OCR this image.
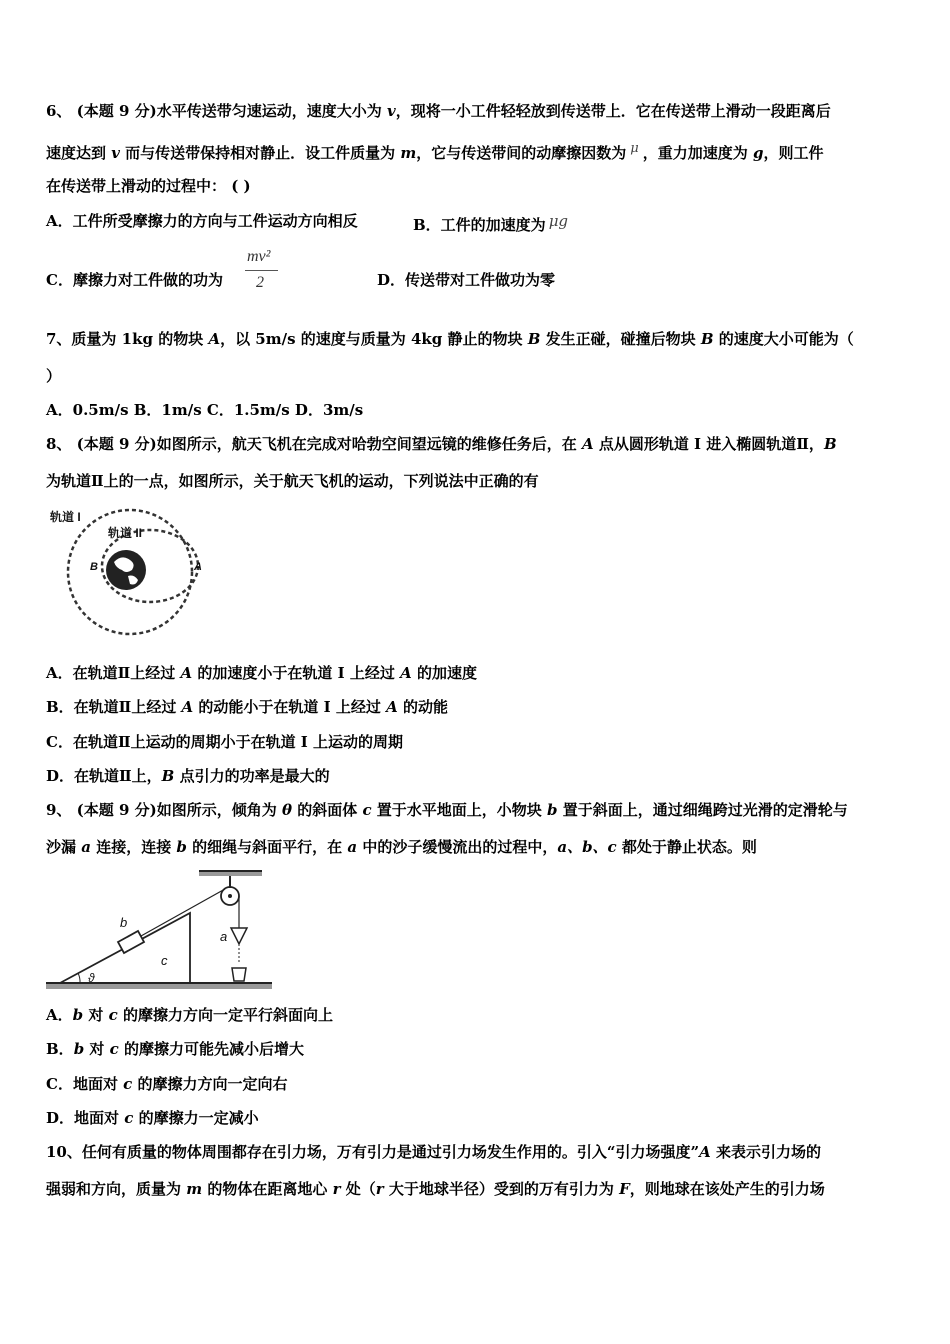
6、 (本题 9 分)水平传送带匀速运动，速度大小为 v，现将一小工件轻轻放到传送带上．它在传送带上滑动一段距离后
速度达到 v 而与传送带保持相对静止．设工件质量为 m，它与传送带间的动摩擦因数为 μ ，重力加速度为 g，则工件
在传送带上滑动的过程中： ( )
A．工件所受摩擦力的方向与工件运动方向相反	B．工件的加速度为 μg
C．摩擦力对工件做的功为
mv²
2	D．传送带对工件做功为零
7、质量为 1kg 的物块 A，以 5m/s 的速度与质量为 4kg 静止的物块 B 发生正碰，碰撞后物块 B 的速度大小可能为（
）
A．0.5m/s B．1m/s C．1.5m/s D．3m/s
8、 (本题 9 分)如图所示，航天飞机在完成对哈勃空间望远镜的维修任务后，在 A 点从圆形轨道 I 进入椭圆轨道Ⅱ，B
为轨道Ⅱ上的一点，如图所示，关于航天飞机的运动，下列说法中正确的有
轨道 I
轨道 II
B	A
A．在轨道Ⅱ上经过 A 的加速度小于在轨道 I 上经过 A 的加速度
B．在轨道Ⅱ上经过 A 的动能小于在轨道 I 上经过 A 的动能
C．在轨道Ⅱ上运动的周期小于在轨道 I 上运动的周期
D．在轨道Ⅱ上，B 点引力的功率是最大的
9、 (本题 9 分)如图所示，倾角为 θ 的斜面体 c 置于水平地面上，小物块 b 置于斜面上，通过细绳跨过光滑的定滑轮与
沙漏 a 连接，连接 b 的细绳与斜面平行，在 a 中的沙子缓慢流出的过程中，a、b、c 都处于静止状态。则
b
a
c
ϑ
A．b 对 c 的摩擦力方向一定平行斜面向上
B．b 对 c 的摩擦力可能先减小后增大
C．地面对 c 的摩擦力方向一定向右
D．地面对 c 的摩擦力一定减小
10、任何有质量的物体周围都存在引力场，万有引力是通过引力场发生作用的。引入“引力场强度”A 来表示引力场的
强弱和方向，质量为 m 的物体在距离地心 r 处（r 大于地球半径）受到的万有引力为 F，则地球在该处产生的引力场
